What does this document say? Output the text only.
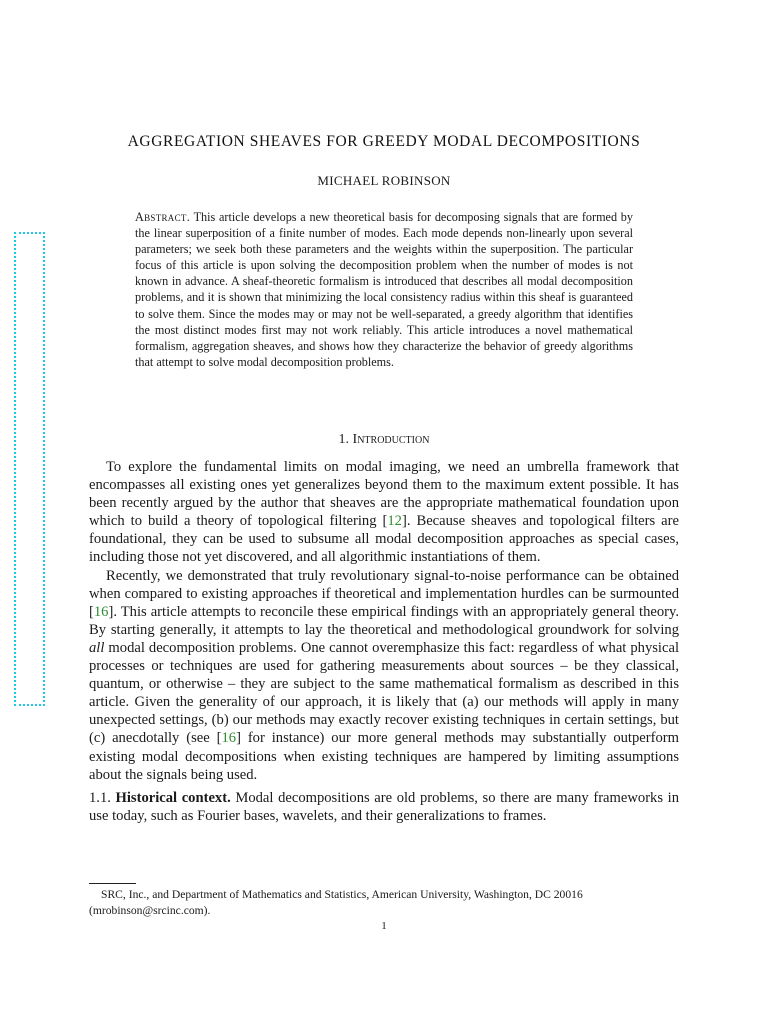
AGGREGATION SHEAVES FOR GREEDY MODAL DECOMPOSITIONS
MICHAEL ROBINSON
Abstract. This article develops a new theoretical basis for decomposing signals that are formed by the linear superposition of a finite number of modes. Each mode depends non-linearly upon several parameters; we seek both these parameters and the weights within the superposition. The particular focus of this article is upon solving the decomposition problem when the number of modes is not known in advance. A sheaf-theoretic formalism is introduced that describes all modal decomposition problems, and it is shown that minimizing the local consistency radius within this sheaf is guaranteed to solve them. Since the modes may or may not be well-separated, a greedy algorithm that identifies the most distinct modes first may not work reliably. This article introduces a novel mathematical formalism, aggregation sheaves, and shows how they characterize the behavior of greedy algorithms that attempt to solve modal decomposition problems.
1. Introduction

To explore the fundamental limits on modal imaging, we need an umbrella framework that encompasses all existing ones yet generalizes beyond them to the maximum extent possible. It has been recently argued by the author that sheaves are the appropriate mathematical foundation upon which to build a theory of topological filtering [12]. Because sheaves and topological filters are foundational, they can be used to subsume all modal decomposition approaches as special cases, including those not yet discovered, and all algorithmic instantiations of them.

Recently, we demonstrated that truly revolutionary signal-to-noise performance can be obtained when compared to existing approaches if theoretical and implementation hurdles can be surmounted [16]. This article attempts to reconcile these empirical findings with an appropriately general theory. By starting generally, it attempts to lay the theoretical and methodological groundwork for solving all modal decomposition problems. One cannot overemphasize this fact: regardless of what physical processes or techniques are used for gathering measurements about sources – be they classical, quantum, or otherwise – they are subject to the same mathematical formalism as described in this article. Given the generality of our approach, it is likely that (a) our methods will apply in many unexpected settings, (b) our methods may exactly recover existing techniques in certain settings, but (c) anecdotally (see [16] for instance) our more general methods may substantially outperform existing modal decompositions when existing techniques are hampered by limiting assumptions about the signals being used.

1.1. Historical context. Modal decompositions are old problems, so there are many frameworks in use today, such as Fourier bases, wavelets, and their generalizations to frames.

SRC, Inc., and Department of Mathematics and Statistics, American University, Washington, DC 20016 (mrobinson@srcinc.com).
1
